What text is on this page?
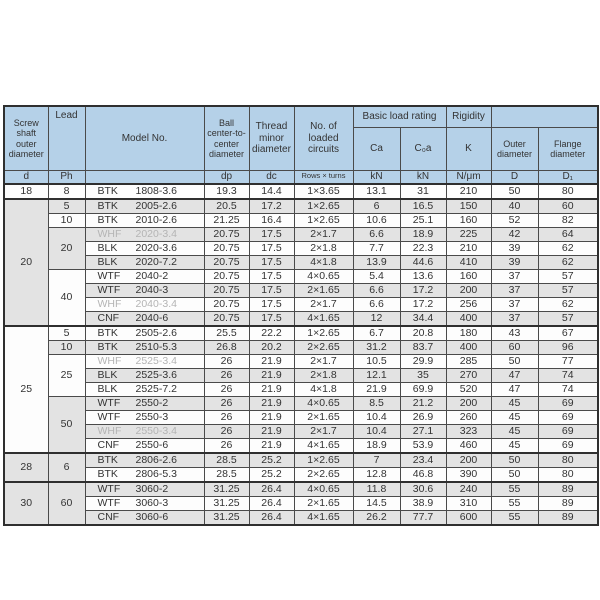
Screw shaft outer diameter	Lead	Model No.	Ball center-to-center diameter	Thread minor diameter	No. of loaded circuits	Basic load rating		Rigidity		
						Ca	C₀a	K	Outer diameter	Flange diameter
d	Ph		dp	dc	Rows × turns	kN	kN	N/μm	D	D₁
18	8	BTK 1808-3.6	19.3	14.4	1×3.65	13.1	31	210	50	80
20	5	BTK 2005-2.6	20.5	17.2	1×2.65	6	16.5	150	40	60
	10	BTK 2010-2.6	21.25	16.4	1×2.65	10.6	25.1	160	52	82
	20	WHF 2020-3.4	20.75	17.5	2×1.7	6.6	18.9	225	42	64
		BLK 2020-3.6	20.75	17.5	2×1.8	7.7	22.3	210	39	62
		BLK 2020-7.2	20.75	17.5	4×1.8	13.9	44.6	410	39	62
	40	WTF 2040-2	20.75	17.5	4×0.65	5.4	13.6	160	37	57
		WTF 2040-3	20.75	17.5	2×1.65	6.6	17.2	200	37	57
		WHF 2040-3.4	20.75	17.5	2×1.7	6.6	17.2	256	37	62
		CNF 2040-6	20.75	17.5	4×1.65	12	34.4	400	37	57
25	5	BTK 2505-2.6	25.5	22.2	1×2.65	6.7	20.8	180	43	67
	10	BTK 2510-5.3	26.8	20.2	2×2.65	31.2	83.7	400	60	96
	25	WHF 2525-3.4	26	21.9	2×1.7	10.5	29.9	285	50	77
		BLK 2525-3.6	26	21.9	2×1.8	12.1	35	270	47	74
		BLK 2525-7.2	26	21.9	4×1.8	21.9	69.9	520	47	74
	50	WTF 2550-2	26	21.9	4×0.65	8.5	21.2	200	45	69
		WTF 2550-3	26	21.9	2×1.65	10.4	26.9	260	45	69
		WHF 2550-3.4	26	21.9	2×1.7	10.4	27.1	323	45	69
		CNF 2550-6	26	21.9	4×1.65	18.9	53.9	460	45	69
28	6	BTK 2806-2.6	28.5	25.2	1×2.65	7	23.4	200	50	80
		BTK 2806-5.3	28.5	25.2	2×2.65	12.8	46.8	390	50	80
30	60	WTF 3060-2	31.25	26.4	4×0.65	11.8	30.6	240	55	89
		WTF 3060-3	31.25	26.4	2×1.65	14.5	38.9	310	55	89
		CNF 3060-6	31.25	26.4	4×1.65	26.2	77.7	600	55	89
